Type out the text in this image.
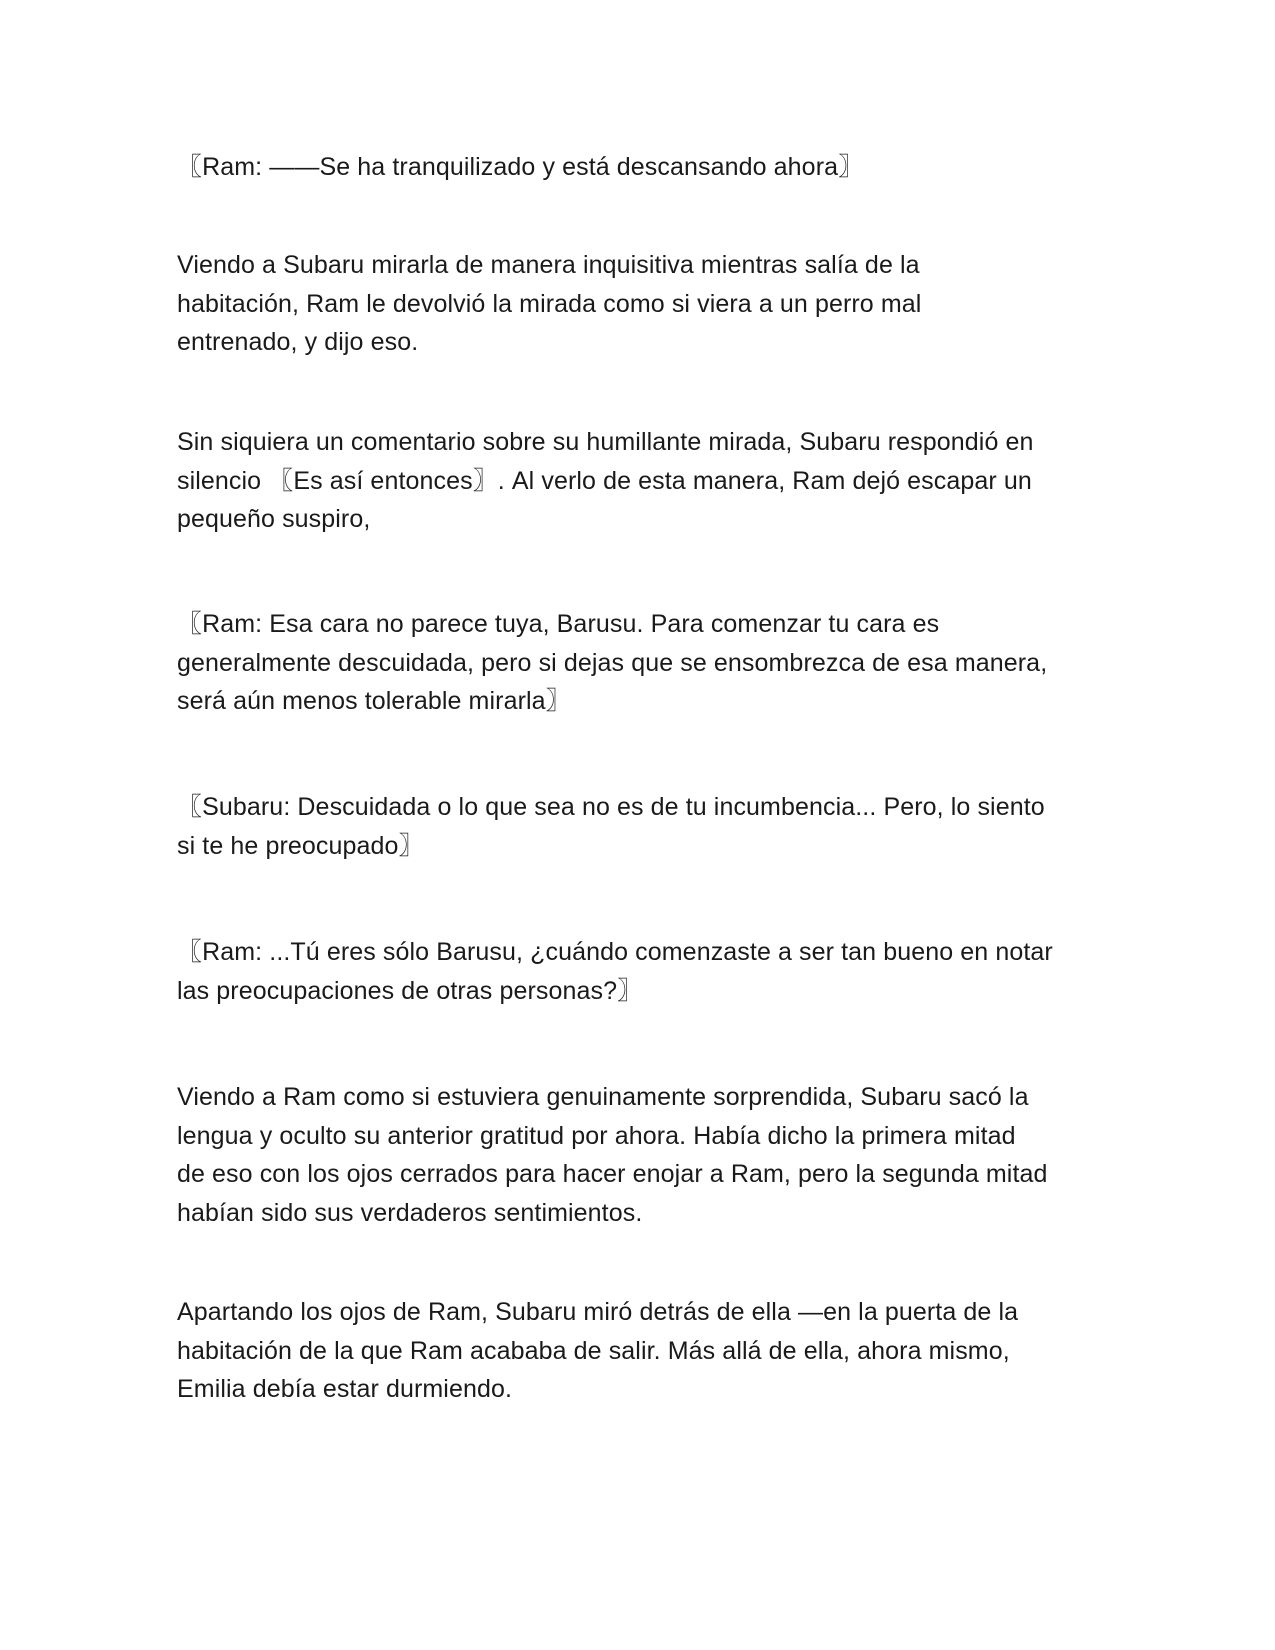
〖Ram: ——Se ha tranquilizado y está descansando ahora〗

Viendo a Subaru mirarla de manera inquisitiva mientras salía de la
habitación, Ram le devolvió la mirada como si viera a un perro mal
entrenado, y dijo eso.

Sin siquiera un comentario sobre su humillante mirada, Subaru respondió en
silencio 〖Es así entonces〗. Al verlo de esta manera, Ram dejó escapar un
pequeño suspiro,

〖Ram: Esa cara no parece tuya, Barusu. Para comenzar tu cara es
generalmente descuidada, pero si dejas que se ensombrezca de esa manera,
será aún menos tolerable mirarla〗

〖Subaru: Descuidada o lo que sea no es de tu incumbencia... Pero, lo siento
si te he preocupado〗

〖Ram: ...Tú eres sólo Barusu, ¿cuándo comenzaste a ser tan bueno en notar
las preocupaciones de otras personas?〗

Viendo a Ram como si estuviera genuinamente sorprendida, Subaru sacó la
lengua y oculto su anterior gratitud por ahora. Había dicho la primera mitad
de eso con los ojos cerrados para hacer enojar a Ram, pero la segunda mitad
habían sido sus verdaderos sentimientos.

Apartando los ojos de Ram, Subaru miró detrás de ella —en la puerta de la
habitación de la que Ram acababa de salir. Más allá de ella, ahora mismo,
Emilia debía estar durmiendo.
